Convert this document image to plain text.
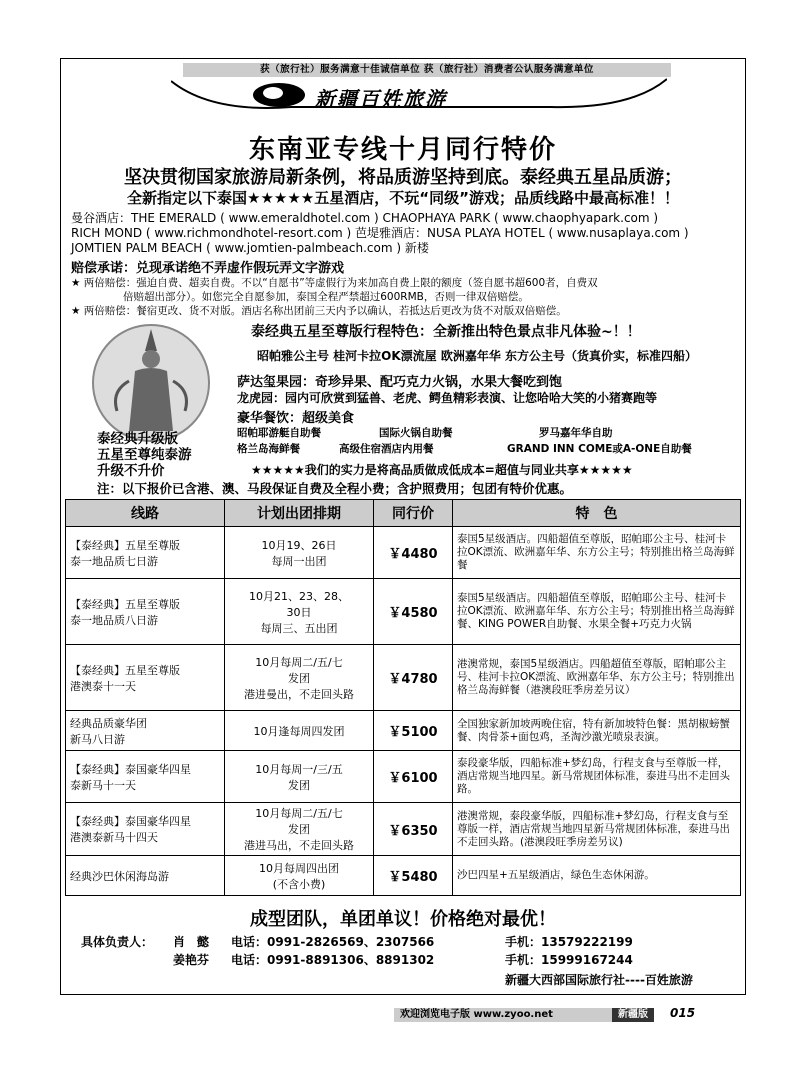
获（旅行社）服务满意十佳诚信单位 获（旅行社）消费者公认服务满意单位
新疆百姓旅游
东南亚专线十月同行特价
坚决贯彻国家旅游局新条例，将品质游坚持到底。泰经典五星品质游；
全新指定以下泰国★★★★★五星酒店，不玩“同级”游戏；品质线路中最高标准！！
曼谷酒店：THE EMERALD ( www.emeraldhotel.com ) CHAOPHAYA PARK ( www.chaophyapark.com )
RICH MOND ( www.richmondhotel-resort.com ) 芭堤雅酒店：NUSA PLAYA HOTEL ( www.nusaplaya.com )
JOMTIEN PALM BEACH ( www.jomtien-palmbeach.com ) 新楼
赔偿承诺：兑现承诺绝不弄虚作假玩弄文字游戏
★ 两倍赔偿：强迫自费、超卖自费。不以“自愿书”等虚假行为来加高自费上限的额度（签自愿书超600者，自费双
倍赔超出部分）。如您完全自愿参加，泰国全程严禁超过600RMB，否则一律双倍赔偿。
★ 两倍赔偿：餐宿更改、货不对版。酒店名称出团前三天内予以确认，若抵达后更改为货不对版双倍赔偿。
泰经典五星至尊版行程特色：全新推出特色景点非凡体验~！！
昭帕雅公主号 桂河卡拉OK漂流屋 欧洲嘉年华 东方公主号（货真价实，标准四船）
萨达玺果园：奇珍异果、配巧克力火锅，水果大餐吃到饱
龙虎园：园内可欣赏到猛兽、老虎、鳄鱼精彩表演、让您哈哈大笑的小猪赛跑等
豪华餐饮：超级美食
昭帕耶游艇自助餐	国际火锅自助餐	罗马嘉年华自助
格兰岛海鲜餐	高级住宿酒店内用餐	GRAND INN COME或A-ONE自助餐
泰经典升级版
五星至尊纯泰游
升级不升价	★★★★★我们的实力是将高品质做成低成本=超值与同业共享★★★★★
注：以下报价已含港、澳、马段保证自费及全程小费；含护照费用；包团有特价优惠。
线路	计划出团排期	同行价	特　色
【泰经典】五星至尊版
泰一地品质七日游	10月19、26日
每周一出团	￥4480	泰国5星级酒店。四船超值至尊版，昭帕耶公主号、桂河卡拉OK漂流、欧洲嘉年华、东方公主号；特别推出格兰岛海鲜餐
【泰经典】五星至尊版
泰一地品质八日游	10月21、23、28、
30日
每周三、五出团	￥4580	泰国5星级酒店。四船超值至尊版，昭帕耶公主号、桂河卡拉OK漂流、欧洲嘉年华、东方公主号；特别推出格兰岛海鲜餐、KING POWER自助餐、水果全餐+巧克力火锅
【泰经典】五星至尊版
港澳泰十一天	10月每周二/五/七
发团
港进曼出，不走回头路	￥4780	港澳常规，泰国5星级酒店。四船超值至尊版，昭帕耶公主号、桂河卡拉OK漂流、欧洲嘉年华、东方公主号；特别推出格兰岛海鲜餐（港澳段旺季房差另议）
经典品质豪华团
新马八日游	10月逢每周四发团	￥5100	全国独家新加坡两晚住宿，特有新加坡特色餐：黑胡椒螃蟹餐、肉骨茶+面包鸡，圣淘沙激光喷泉表演。
【泰经典】泰国豪华四星
泰新马十一天	10月每周一/三/五
发团	￥6100	泰段豪华版，四船标准+梦幻岛，行程支食与至尊版一样，酒店常规当地四星。新马常规团体标准，泰进马出不走回头路。
【泰经典】泰国豪华四星
港澳泰新马十四天	10月每周二/五/七
发团
港进马出，不走回头路	￥6350	港澳常规，泰段豪华版，四船标准+梦幻岛，行程支食与至尊版一样，酒店常规当地四星新马常规团体标准，泰进马出不走回头路。(港澳段旺季房差另议)
经典沙巴休闲海岛游	10月每周四出团
(不含小费)	￥5480	沙巴四星+五星级酒店，绿色生态休闲游。
成型团队，单团单议！价格绝对最优！
具体负责人： 肖　懿 电话：0991-2826569、2307566	手机：13579222199
姜艳芬 电话：0991-8891306、8891302	手机：15999167244
新疆大西部国际旅行社----百姓旅游
欢迎浏览电子版 www.zyoo.net	新疆版	015
